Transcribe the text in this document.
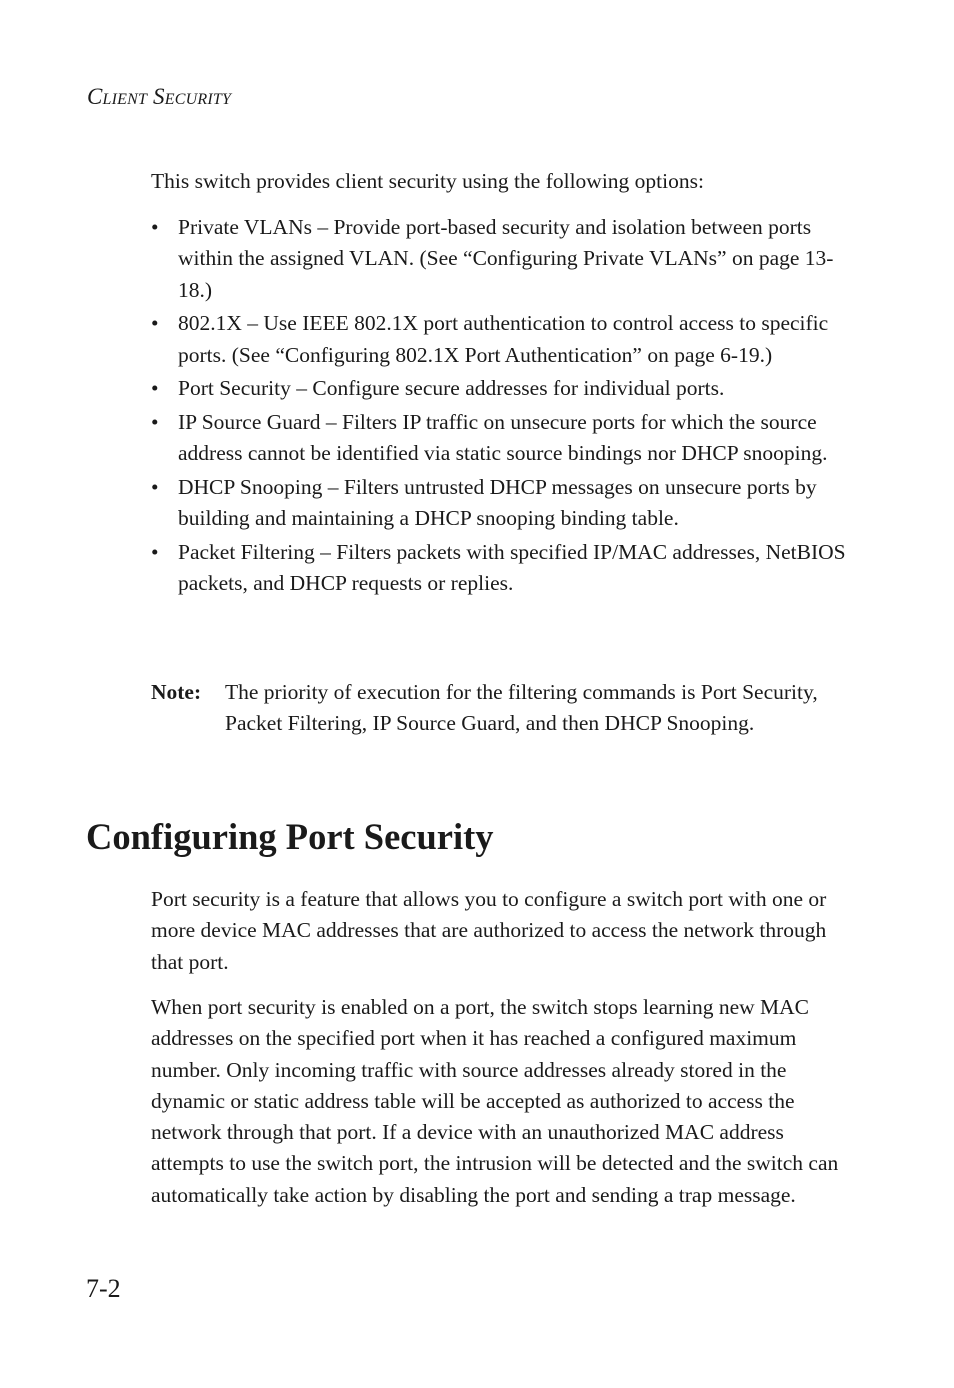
Client Security

This switch provides client security using the following options:

• Private VLANs – Provide port-based security and isolation between ports within the assigned VLAN. (See “Configuring Private VLANs” on page 13-18.)
• 802.1X – Use IEEE 802.1X port authentication to control access to specific ports. (See “Configuring 802.1X Port Authentication” on page 6-19.)
• Port Security – Configure secure addresses for individual ports.
• IP Source Guard – Filters IP traffic on unsecure ports for which the source address cannot be identified via static source bindings nor DHCP snooping.
• DHCP Snooping – Filters untrusted DHCP messages on unsecure ports by building and maintaining a DHCP snooping binding table.
• Packet Filtering – Filters packets with specified IP/MAC addresses, NetBIOS packets, and DHCP requests or replies.
Note: The priority of execution for the filtering commands is Port Security, Packet Filtering, IP Source Guard, and then DHCP Snooping.
Configuring Port Security

Port security is a feature that allows you to configure a switch port with one or more device MAC addresses that are authorized to access the network through that port.

When port security is enabled on a port, the switch stops learning new MAC addresses on the specified port when it has reached a configured maximum number. Only incoming traffic with source addresses already stored in the dynamic or static address table will be accepted as authorized to access the network through that port. If a device with an unauthorized MAC address attempts to use the switch port, the intrusion will be detected and the switch can automatically take action by disabling the port and sending a trap message.

7-2
